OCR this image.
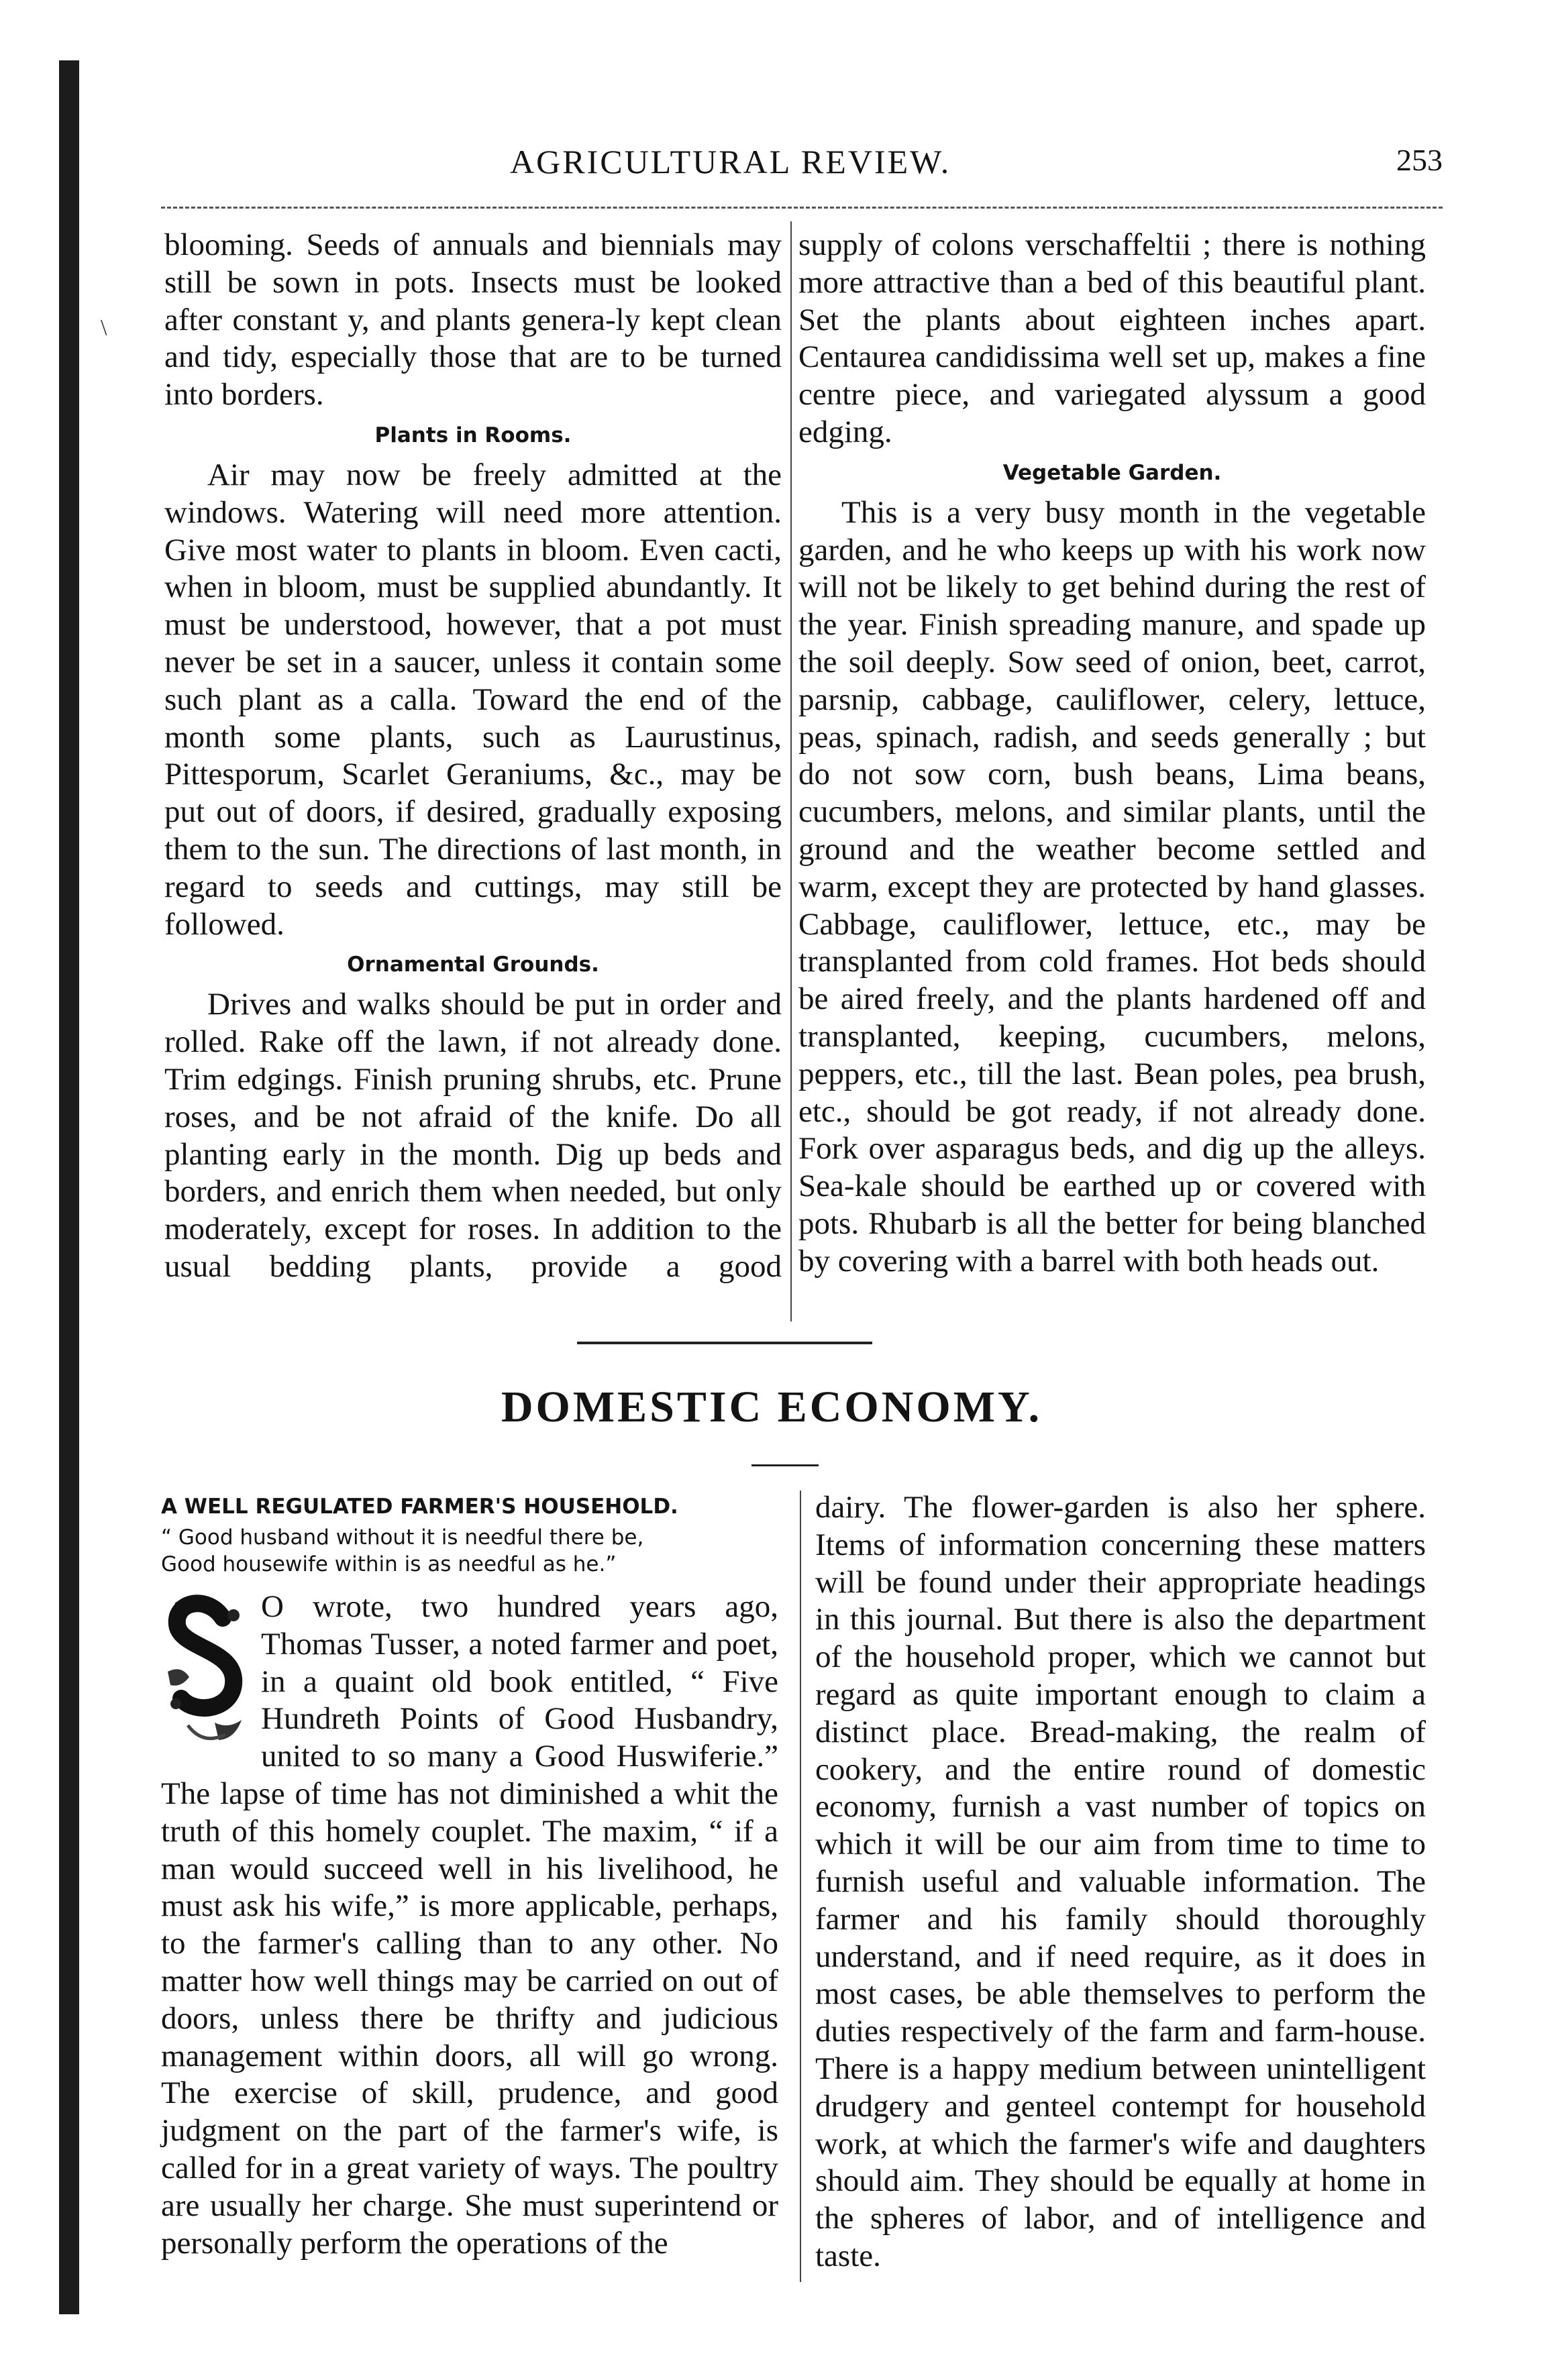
\
AGRICULTURAL REVIEW.	253

blooming. Seeds of annuals and biennials may still be sown in pots. Insects must be looked after constant y, and plants genera-ly kept clean and tidy, especially those that are to be turned into borders.

Plants in Rooms.

Air may now be freely admitted at the windows. Watering will need more attention. Give most water to plants in bloom. Even cacti, when in bloom, must be supplied abundantly. It must be understood, however, that a pot must never be set in a saucer, unless it contain some such plant as a calla. Toward the end of the month some plants, such as Laurustinus, Pittesporum, Scarlet Geraniums, &c., may be put out of doors, if desired, gradually exposing them to the sun. The directions of last month, in regard to seeds and cuttings, may still be followed.

Ornamental Grounds.

Drives and walks should be put in order and rolled. Rake off the lawn, if not already done. Trim edgings. Finish pruning shrubs, etc. Prune roses, and be not afraid of the knife. Do all planting early in the month. Dig up beds and borders, and enrich them when needed, but only moderately, except for roses. In addition to the usual bedding plants, provide a good

supply of colons verschaffeltii ; there is nothing more attractive than a bed of this beautiful plant. Set the plants about eighteen inches apart. Centaurea candidissima well set up, makes a fine centre piece, and variegated alyssum a good edging.

Vegetable Garden.

This is a very busy month in the vegetable garden, and he who keeps up with his work now will not be likely to get behind during the rest of the year. Finish spreading manure, and spade up the soil deeply. Sow seed of onion, beet, carrot, parsnip, cabbage, cauliflower, celery, lettuce, peas, spinach, radish, and seeds generally ; but do not sow corn, bush beans, Lima beans, cucumbers, melons, and similar plants, until the ground and the weather become settled and warm, except they are protected by hand glasses. Cabbage, cauliflower, lettuce, etc., may be transplanted from cold frames. Hot beds should be aired freely, and the plants hardened off and transplanted, keeping, cucumbers, melons, peppers, etc., till the last. Bean poles, pea brush, etc., should be got ready, if not already done. Fork over asparagus beds, and dig up the alleys. Sea-kale should be earthed up or covered with pots. Rhubarb is all the better for being blanched by covering with a barrel with both heads out.

DOMESTIC ECONOMY.

A WELL REGULATED FARMER'S HOUSEHOLD.

“ Good husband without it is needful there be,
Good housewife within is as needful as he.”

O wrote, two hundred years ago, Thomas Tusser, a noted farmer and poet, in a quaint old book entitled, “ Five Hundreth Points of Good Husbandry, united to so many a Good Huswiferie.” The lapse of time has not diminished a whit the truth of this homely couplet. The maxim, “ if a man would succeed well in his livelihood, he must ask his wife,” is more applicable, perhaps, to the farmer's calling than to any other. No matter how well things may be carried on out of doors, unless there be thrifty and judicious management within doors, all will go wrong. The exercise of skill, prudence, and good judgment on the part of the farmer's wife, is called for in a great variety of ways. The poultry are usually her charge. She must superintend or personally perform the operations of the

dairy. The flower-garden is also her sphere. Items of information concerning these matters will be found under their appropriate headings in this journal. But there is also the department of the household proper, which we cannot but regard as quite important enough to claim a distinct place. Bread-making, the realm of cookery, and the entire round of domestic economy, furnish a vast number of topics on which it will be our aim from time to time to furnish useful and valuable information. The farmer and his family should thoroughly understand, and if need require, as it does in most cases, be able themselves to perform the duties respectively of the farm and farm-house. There is a happy medium between unintelligent drudgery and genteel contempt for household work, at which the farmer's wife and daughters should aim. They should be equally at home in the spheres of labor, and of intelligence and taste.
